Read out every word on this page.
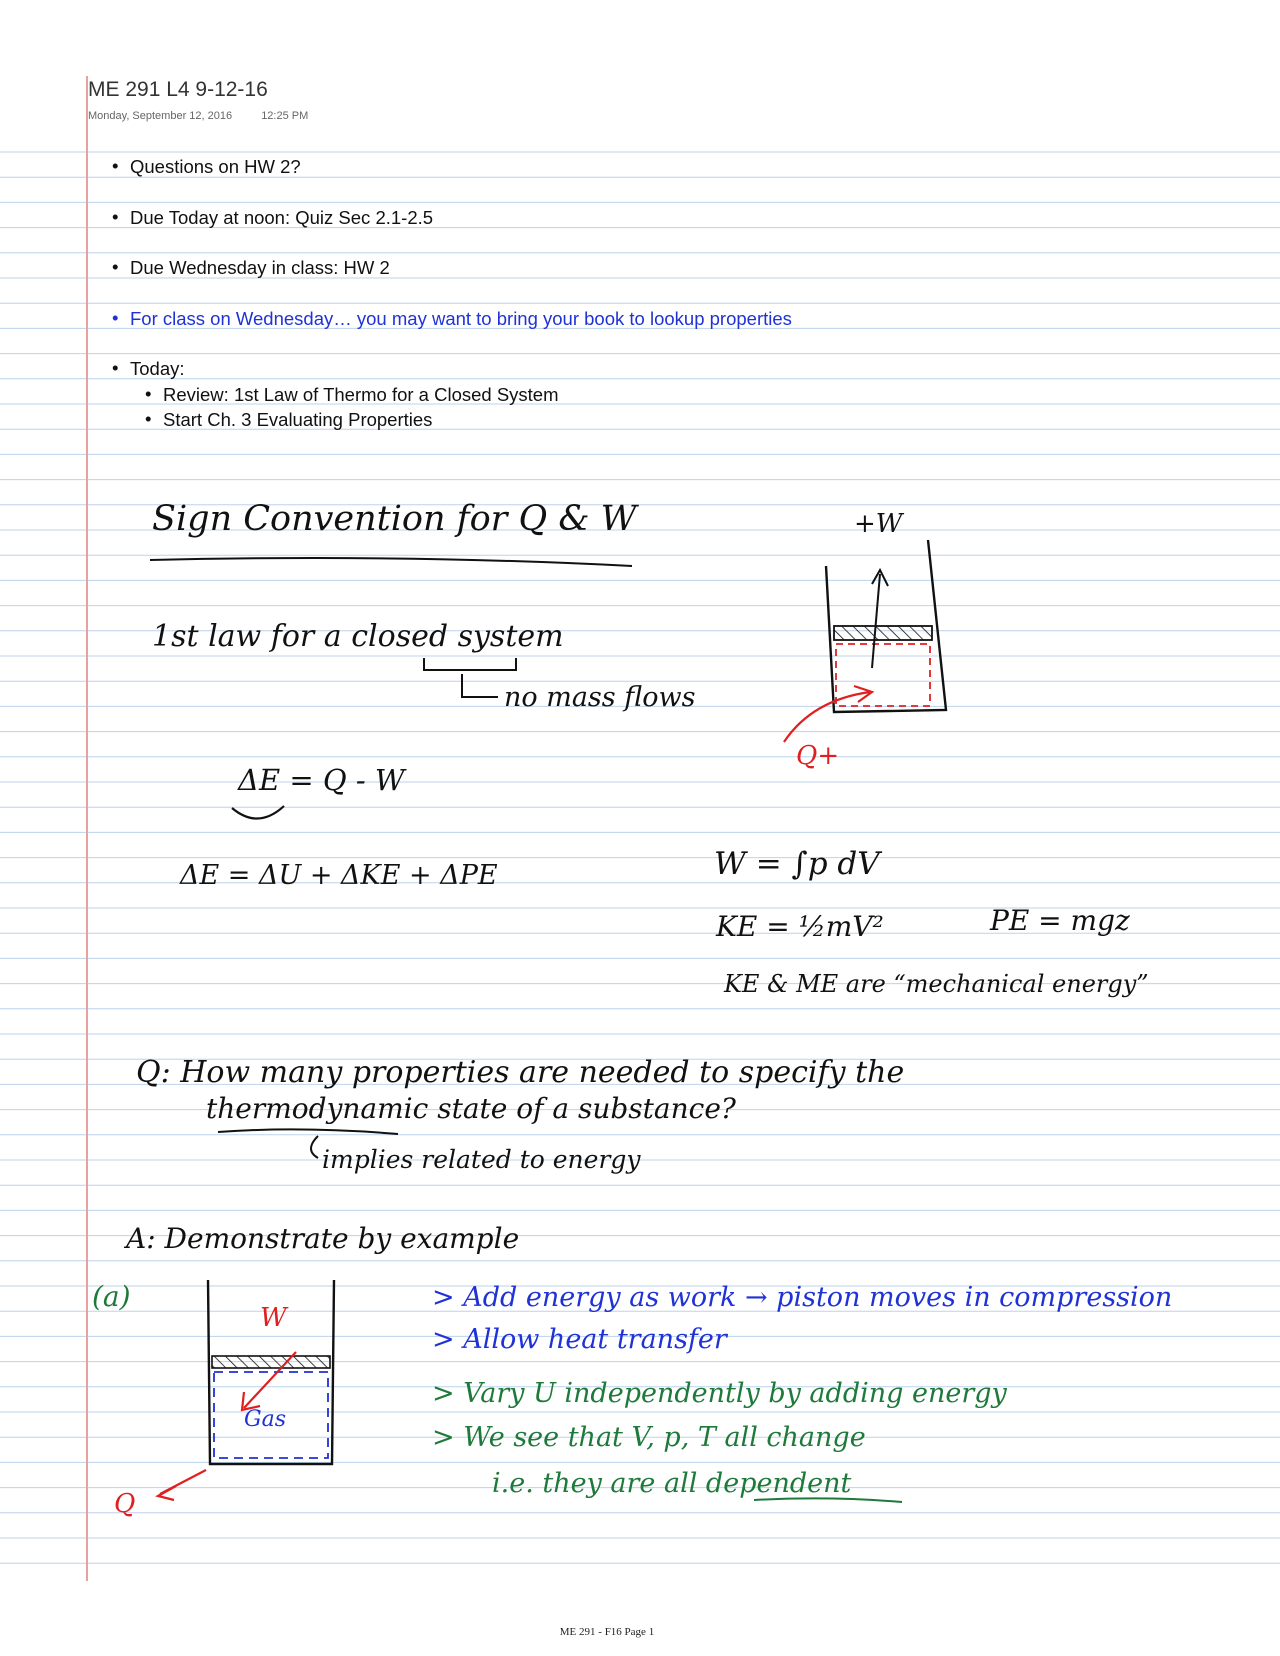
ME 291 L4 9-12-16
Monday, September 12, 2016	12:25 PM
• Questions on HW 2?
• Due Today at noon: Quiz Sec 2.1-2.5
• Due Wednesday in class: HW 2
• For class on Wednesday… you may want to bring your book to lookup properties
• Today:
• Review: 1st Law of Thermo for a Closed System
• Start Ch. 3 Evaluating Properties
Sign Convention for Q & W
1st law for a closed system
no mass flows
ΔE = Q - W
ΔE = ΔU + ΔKE + ΔPE
+W
Q+
W = ∫p dV
KE = ½mV²	PE = mgz
KE & ME are “mechanical energy”
Q: How many properties are needed to specify the
thermodynamic state of a substance?
implies related to energy
A: Demonstrate by example
(a)
Gas
W
Q
> Add energy as work → piston moves in compression
> Allow heat transfer
> Vary U independently by adding energy
> We see that V, p, T all change
i.e. they are all dependent
ME 291 - F16 Page 1
